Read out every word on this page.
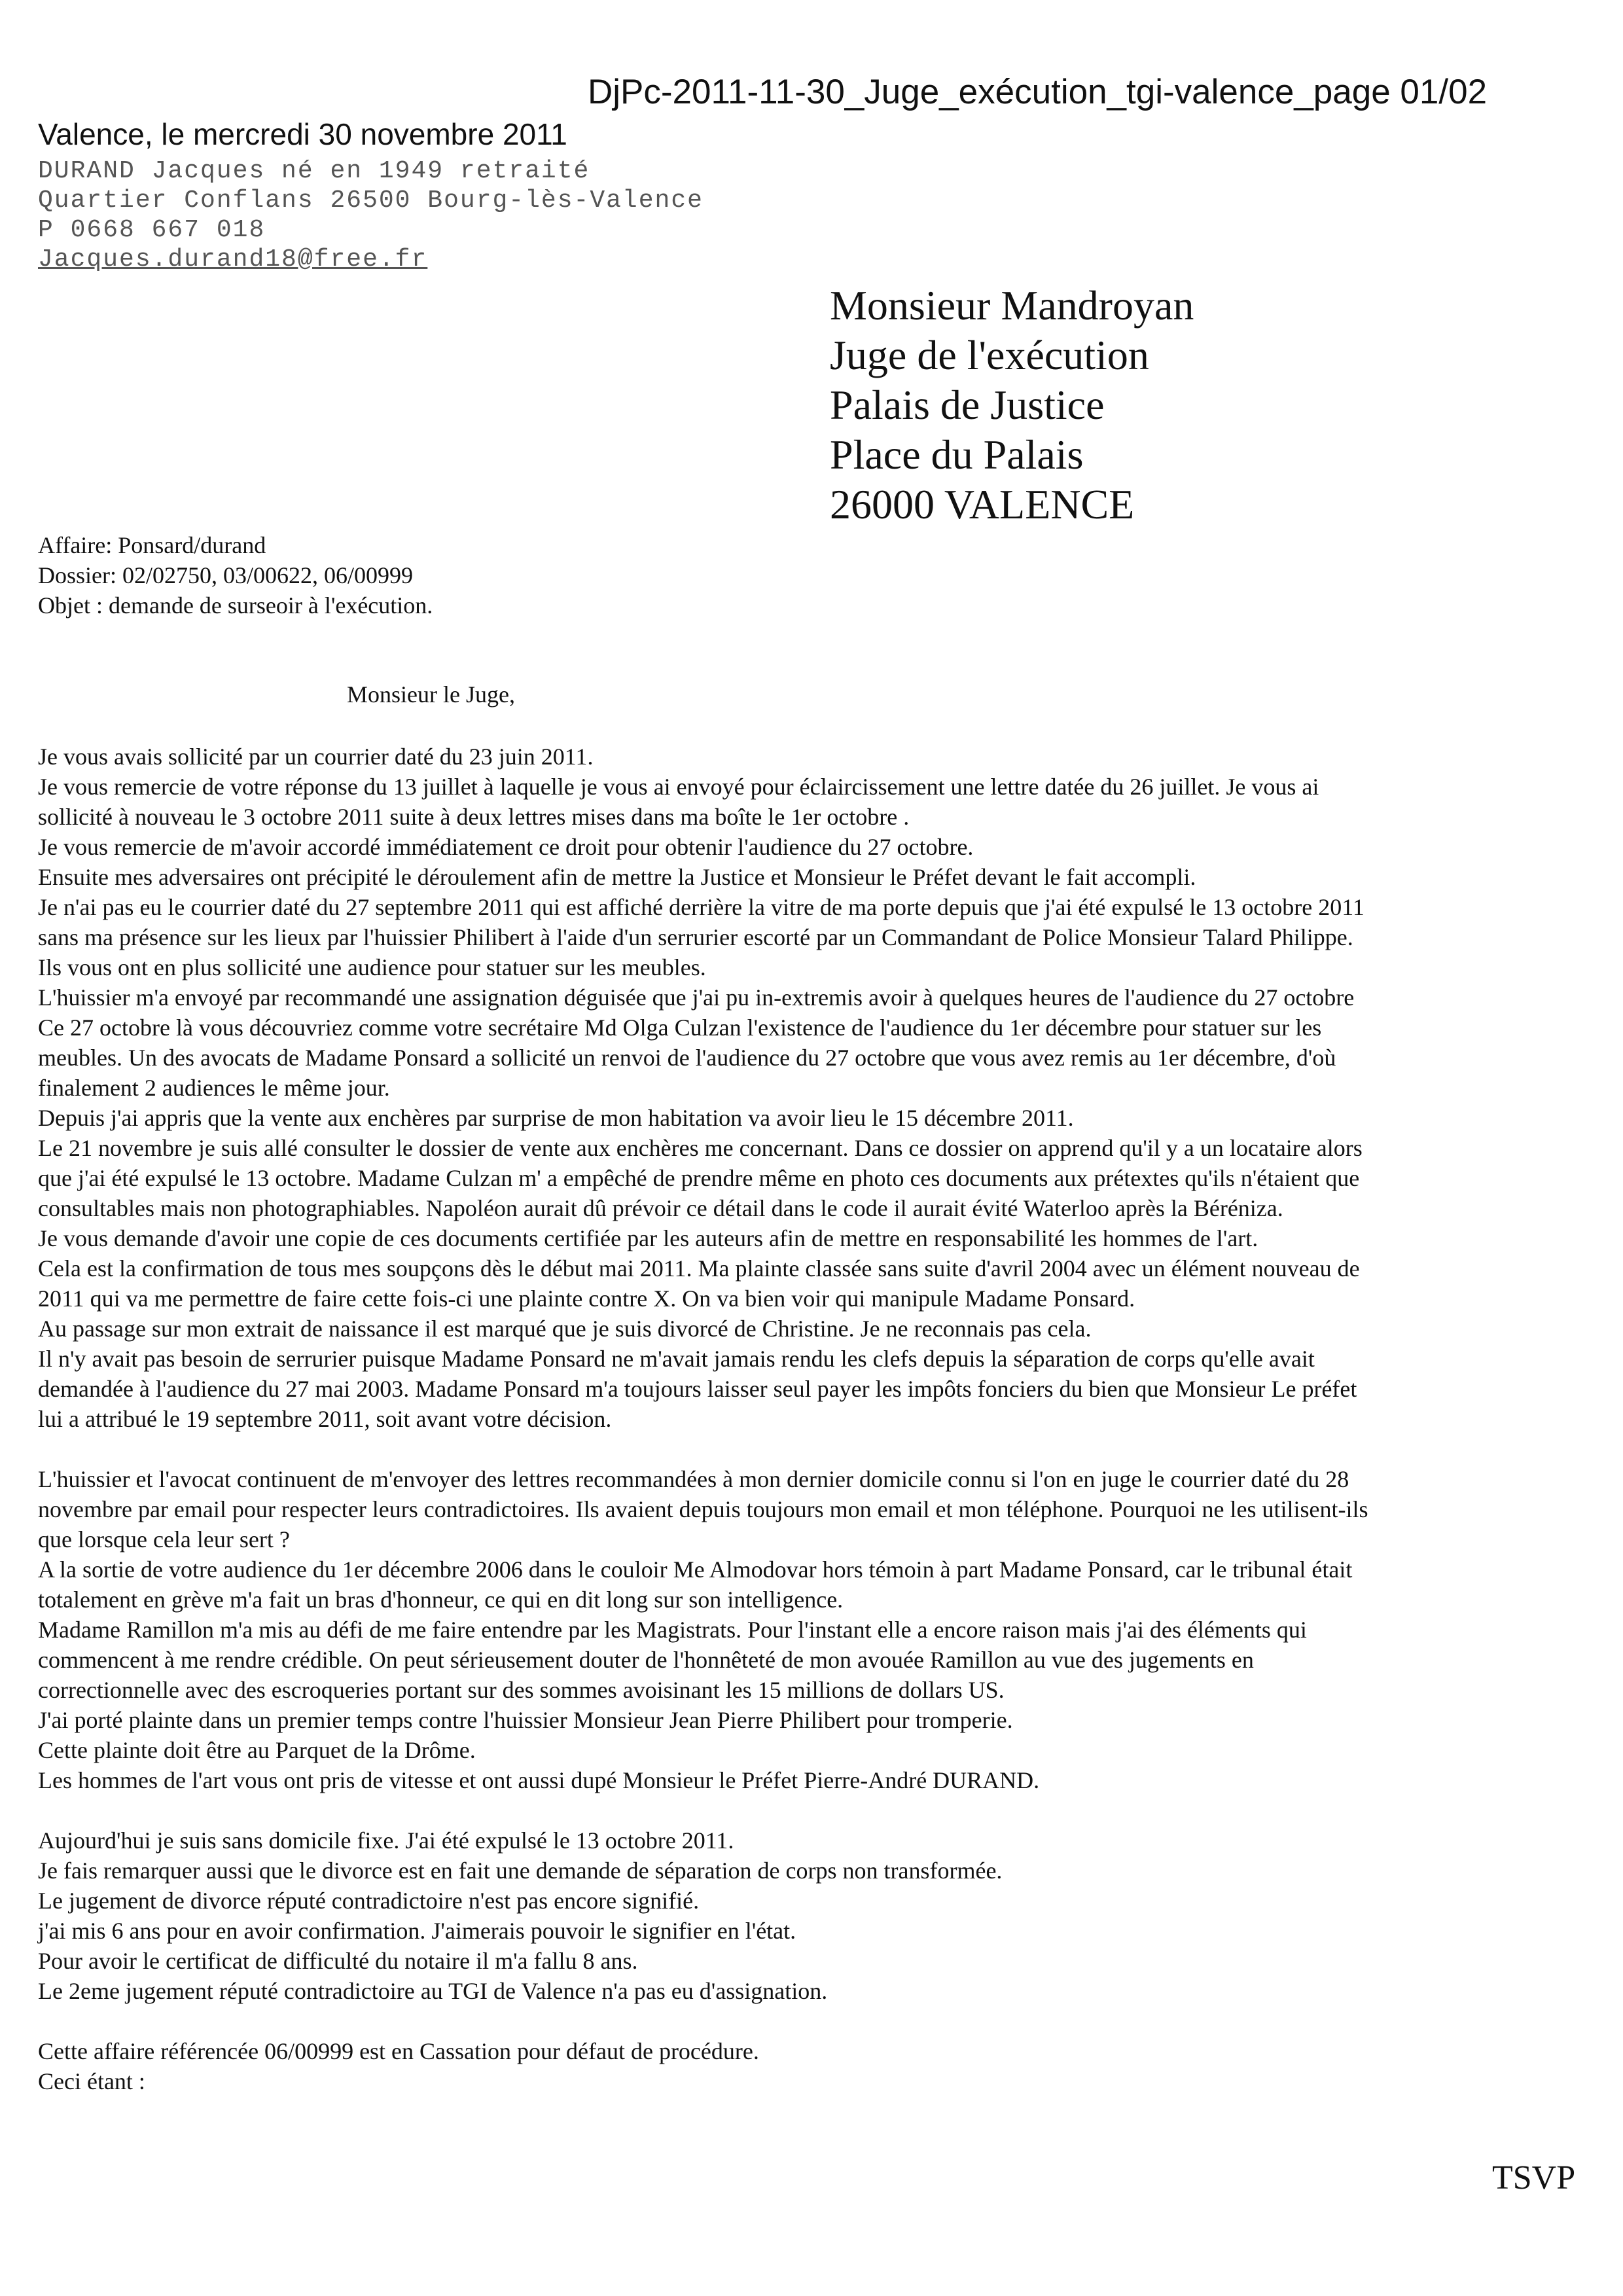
DjPc-2011-11-30_Juge_exécution_tgi-valence_page 01/02
Valence, le mercredi 30 novembre 2011
DURAND Jacques né en 1949 retraité
Quartier Conflans 26500 Bourg-lès-Valence
P 0668 667 018
Jacques.durand18@free.fr
Monsieur Mandroyan
Juge de l'exécution
Palais de Justice
Place du Palais
26000 VALENCE
Affaire: Ponsard/durand
Dossier: 02/02750, 03/00622, 06/00999
Objet : demande de surseoir à l'exécution.
Monsieur le Juge,
Je vous avais sollicité par un courrier daté du 23 juin 2011.
Je vous remercie de votre réponse du 13 juillet à laquelle je vous ai envoyé pour éclaircissement une lettre datée du 26 juillet. Je vous ai
sollicité à nouveau le 3 octobre 2011 suite à deux lettres mises dans ma boîte le 1er octobre .
Je vous remercie de m'avoir accordé immédiatement ce droit pour obtenir l'audience du 27 octobre.
Ensuite mes adversaires ont précipité le déroulement afin de mettre la Justice et Monsieur le Préfet devant le fait accompli.
Je n'ai pas eu le courrier daté du 27 septembre 2011 qui est affiché derrière la vitre de ma porte depuis que j'ai été expulsé le 13 octobre 2011
sans ma présence sur les lieux par l'huissier Philibert à l'aide d'un serrurier escorté par un Commandant de Police Monsieur Talard Philippe.
Ils vous ont en plus sollicité une audience pour statuer sur les meubles.
L'huissier m'a envoyé par recommandé une assignation déguisée que j'ai pu in-extremis avoir à quelques heures de l'audience du 27 octobre
Ce 27 octobre là vous découvriez comme votre secrétaire Md Olga Culzan l'existence de l'audience du 1er décembre pour statuer sur les
meubles. Un des avocats de Madame Ponsard a sollicité un renvoi de l'audience du 27 octobre que vous avez remis au 1er décembre, d'où
finalement 2 audiences le même jour.
Depuis j'ai appris que la vente aux enchères par surprise de mon habitation va avoir lieu le 15 décembre 2011.
Le 21 novembre je suis allé consulter le dossier de vente aux enchères me concernant. Dans ce dossier on apprend qu'il y a un locataire alors
que j'ai été expulsé le 13 octobre. Madame Culzan m' a empêché de prendre même en photo ces documents aux prétextes qu'ils n'étaient que
consultables mais non photographiables. Napoléon aurait dû prévoir ce détail dans le code il aurait évité Waterloo après la Béréniza.
Je vous demande d'avoir une copie de ces documents certifiée par les auteurs afin de mettre en responsabilité les hommes de l'art.
Cela est la confirmation de tous mes soupçons dès le début mai 2011. Ma plainte classée sans suite d'avril 2004 avec un élément nouveau de
2011 qui va me permettre de faire cette fois-ci une plainte contre X. On va bien voir qui manipule Madame Ponsard.
Au passage sur mon extrait de naissance il est marqué que je suis divorcé de Christine. Je ne reconnais pas cela.
Il n'y avait pas besoin de serrurier puisque Madame Ponsard ne m'avait jamais rendu les clefs depuis la séparation de corps qu'elle avait
demandée à l'audience du 27 mai 2003. Madame Ponsard m'a toujours laisser seul payer les impôts fonciers du bien que Monsieur Le préfet
lui a attribué le 19 septembre 2011, soit avant votre décision.
L'huissier et l'avocat continuent de m'envoyer des lettres recommandées à mon dernier domicile connu si l'on en juge le courrier daté du 28
novembre par email pour respecter leurs contradictoires. Ils avaient depuis toujours mon email et mon téléphone. Pourquoi ne les utilisent-ils
que lorsque cela leur sert ?
A la sortie de votre audience du 1er décembre 2006 dans le couloir Me Almodovar hors témoin à part Madame Ponsard, car le tribunal était
totalement en grève m'a fait un bras d'honneur, ce qui en dit long sur son intelligence.
Madame Ramillon m'a mis au défi de me faire entendre par les Magistrats. Pour l'instant elle a encore raison mais j'ai des éléments qui
commencent à me rendre crédible. On peut sérieusement douter de l'honnêteté de mon avouée Ramillon au vue des jugements en
correctionnelle avec des escroqueries portant sur des sommes avoisinant les 15 millions de dollars US.
J'ai porté plainte dans un premier temps contre l'huissier Monsieur Jean Pierre Philibert pour tromperie.
Cette plainte doit être au Parquet de la Drôme.
Les hommes de l'art vous ont pris de vitesse et ont aussi dupé Monsieur le Préfet Pierre-André DURAND.
Aujourd'hui je suis sans domicile fixe. J'ai été expulsé le 13 octobre 2011.
Je fais remarquer aussi que le divorce est en fait une demande de séparation de corps non transformée.
Le jugement de divorce réputé contradictoire n'est pas encore signifié.
j'ai mis 6 ans pour en avoir confirmation. J'aimerais pouvoir le signifier en l'état.
Pour avoir le certificat de difficulté du notaire il m'a fallu 8 ans.
Le 2eme jugement réputé contradictoire au TGI de Valence n'a pas eu d'assignation.
Cette affaire référencée 06/00999 est en Cassation pour défaut de procédure.
Ceci étant :
TSVP
